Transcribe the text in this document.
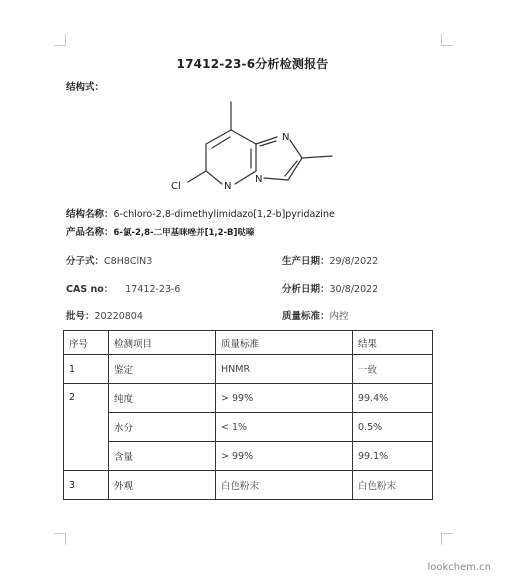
17412-23-6分析检测报告
结构式：
N
N
N
Cl
结构名称：6-chloro-2,8-dimethylimidazo[1,2-b]pyridazine
产品名称：6-氯-2,8-二甲基咪唑并[1,2-B]哒嗪
分子式：C8H8ClN3	生产日期：29/8/2022
CAS no： 17412-23-6	分析日期：30/8/2022
批号：20220804	质量标准：内控
序号	检测项目	质量标准	结果
1	鉴定	HNMR	一致
2	纯度	> 99%	99.4%
	水分	< 1%	0.5%
	含量	> 99%	99.1%
3	外观	白色粉末	白色粉末
lookchem.cn
